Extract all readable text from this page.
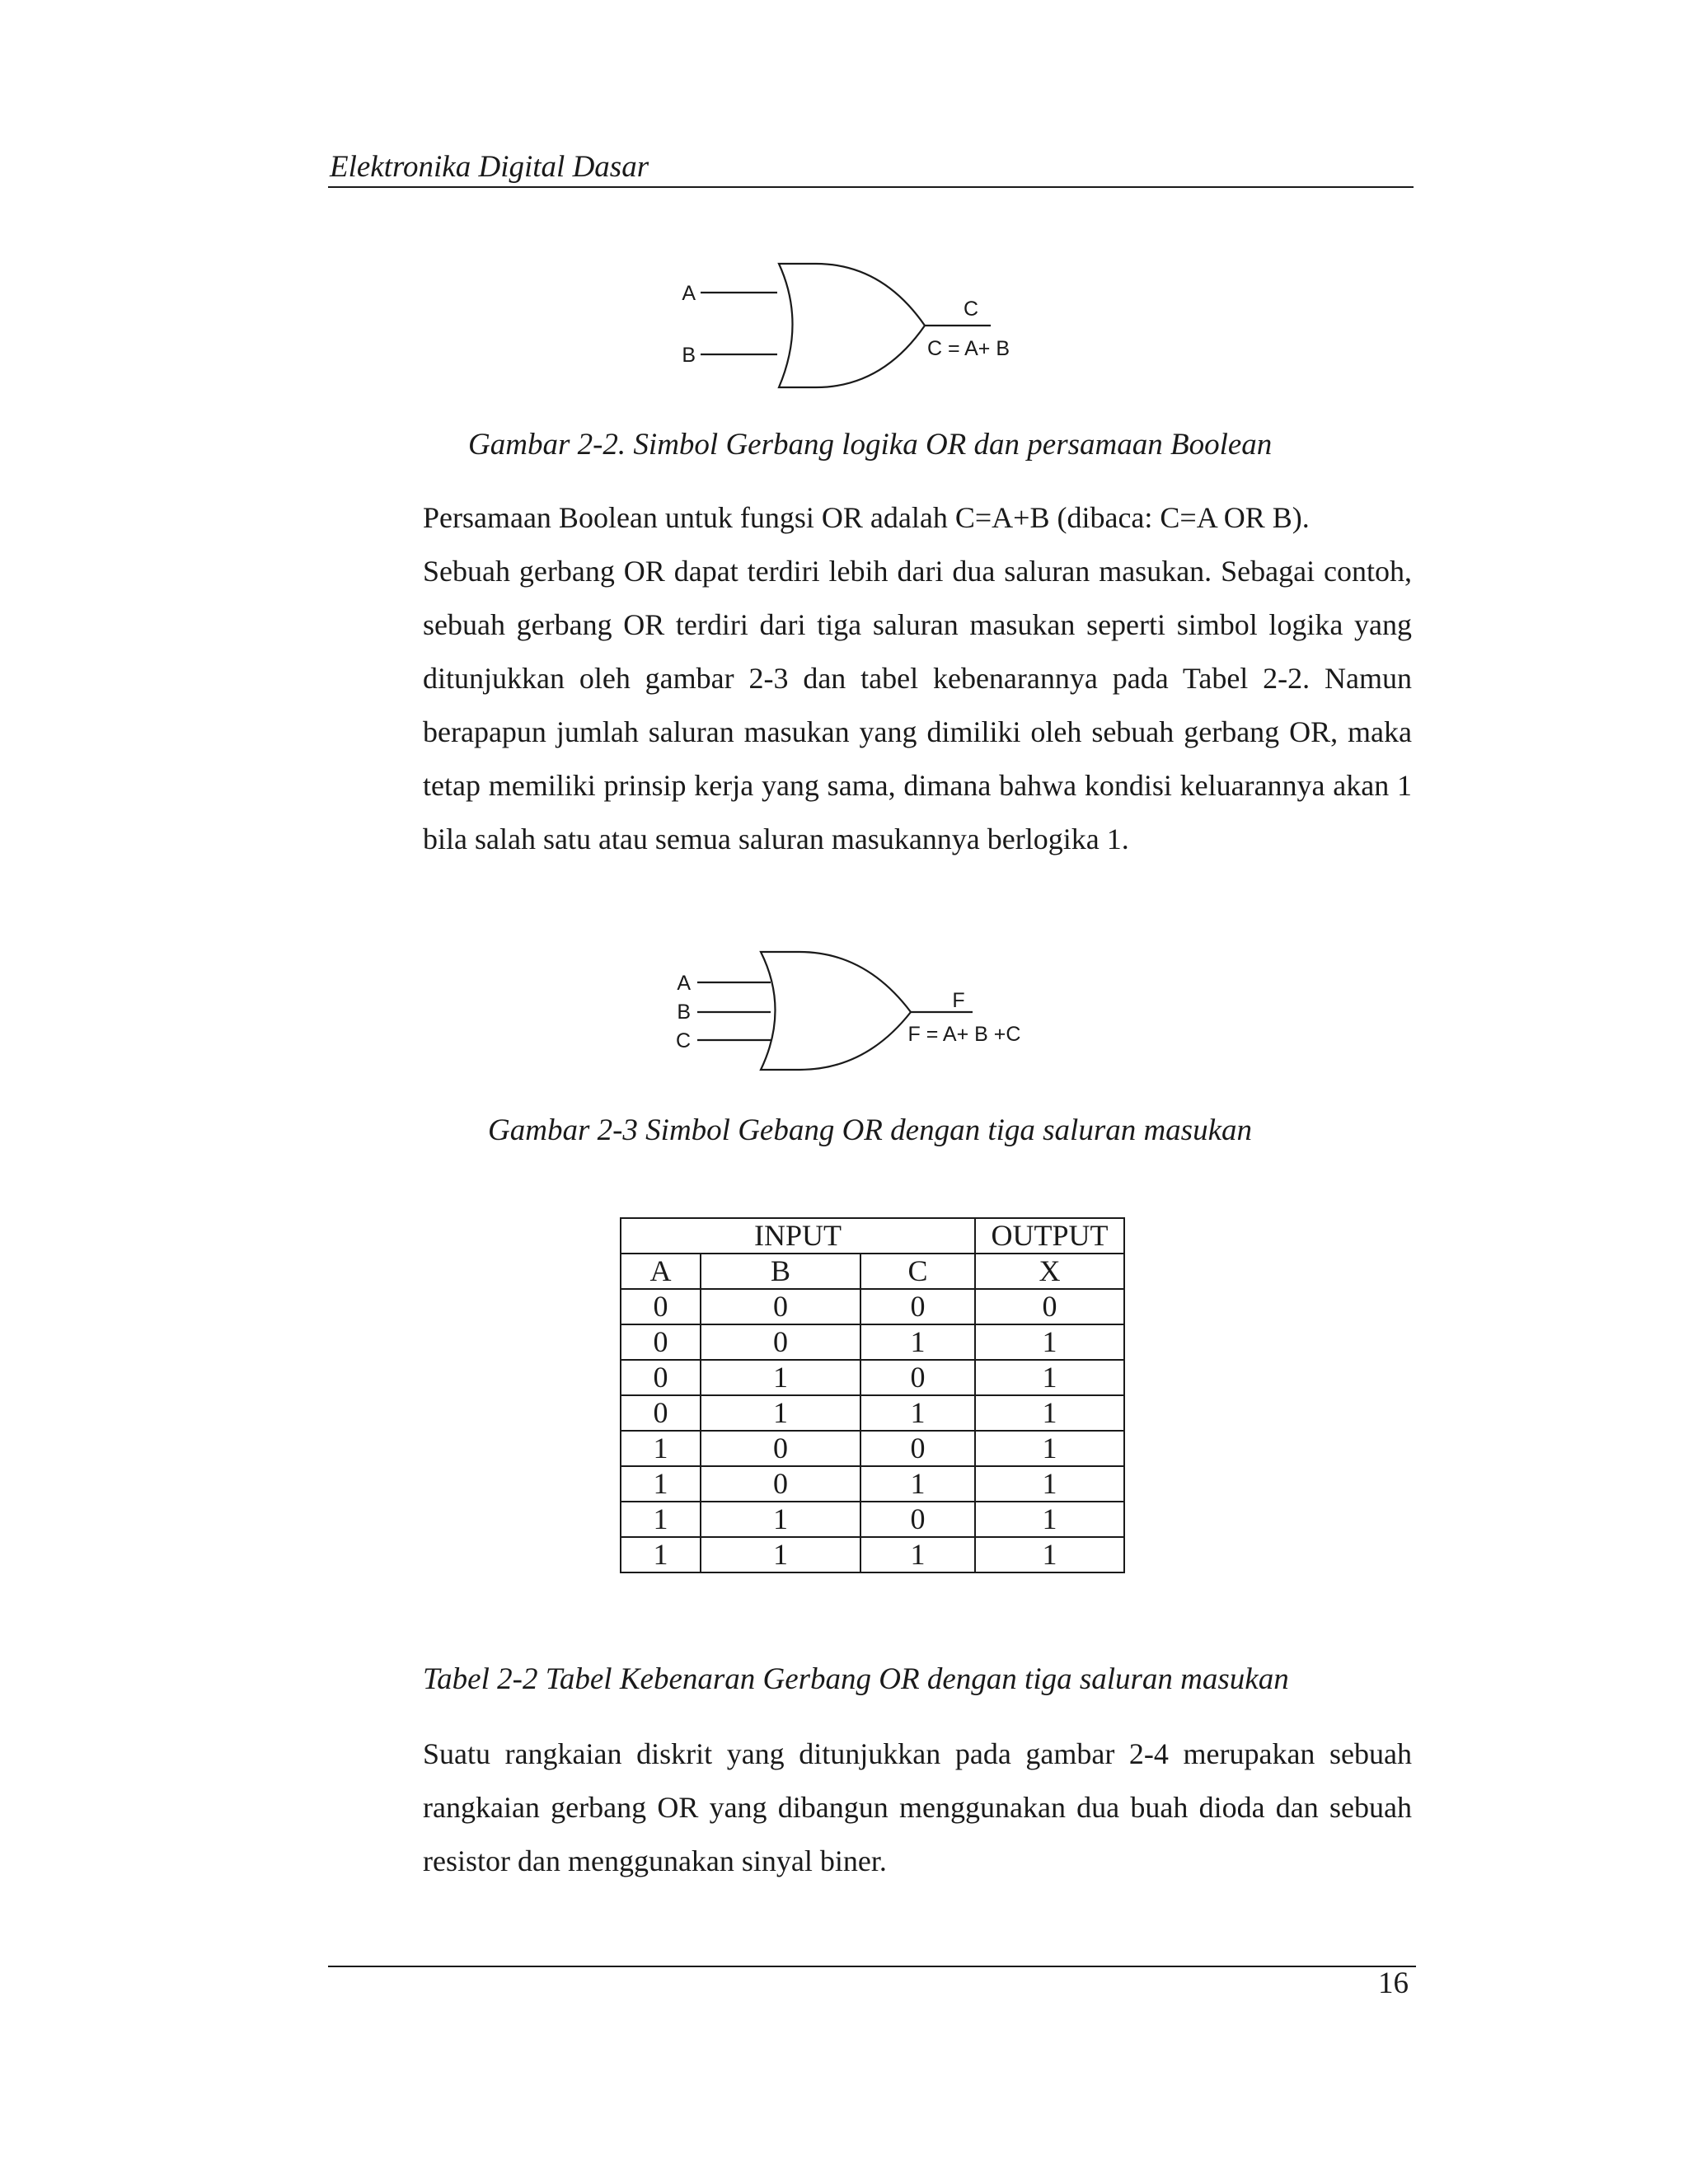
Elektronika Digital Dasar
A
B
C
C = A+ B
Gambar 2-2. Simbol Gerbang logika OR dan persamaan Boolean

Persamaan Boolean untuk fungsi OR adalah C=A+B (dibaca: C=A OR B).

Sebuah gerbang OR dapat terdiri lebih dari dua saluran masukan. Sebagai contoh, sebuah gerbang OR terdiri dari tiga saluran masukan seperti simbol logika yang ditunjukkan oleh gambar 2-3 dan tabel kebenarannya pada Tabel 2-2. Namun berapapun jumlah saluran masukan yang dimiliki oleh sebuah gerbang OR, maka tetap memiliki prinsip kerja yang sama, dimana bahwa kondisi keluarannya akan 1 bila salah satu atau semua saluran masukannya berlogika 1.

A
B
C
F
F = A+ B +C
Gambar 2-3 Simbol Gebang OR dengan tiga saluran masukan
INPUT			OUTPUT
A	B	C	X
0	0	0	0
0	0	1	1
0	1	0	1
0	1	1	1
1	0	0	1
1	0	1	1
1	1	0	1
1	1	1	1
Tabel 2-2 Tabel Kebenaran Gerbang OR dengan tiga saluran masukan

Suatu rangkaian diskrit yang ditunjukkan pada gambar 2-4 merupakan sebuah rangkaian gerbang OR yang dibangun menggunakan dua buah dioda dan sebuah resistor dan menggunakan sinyal biner.

16
